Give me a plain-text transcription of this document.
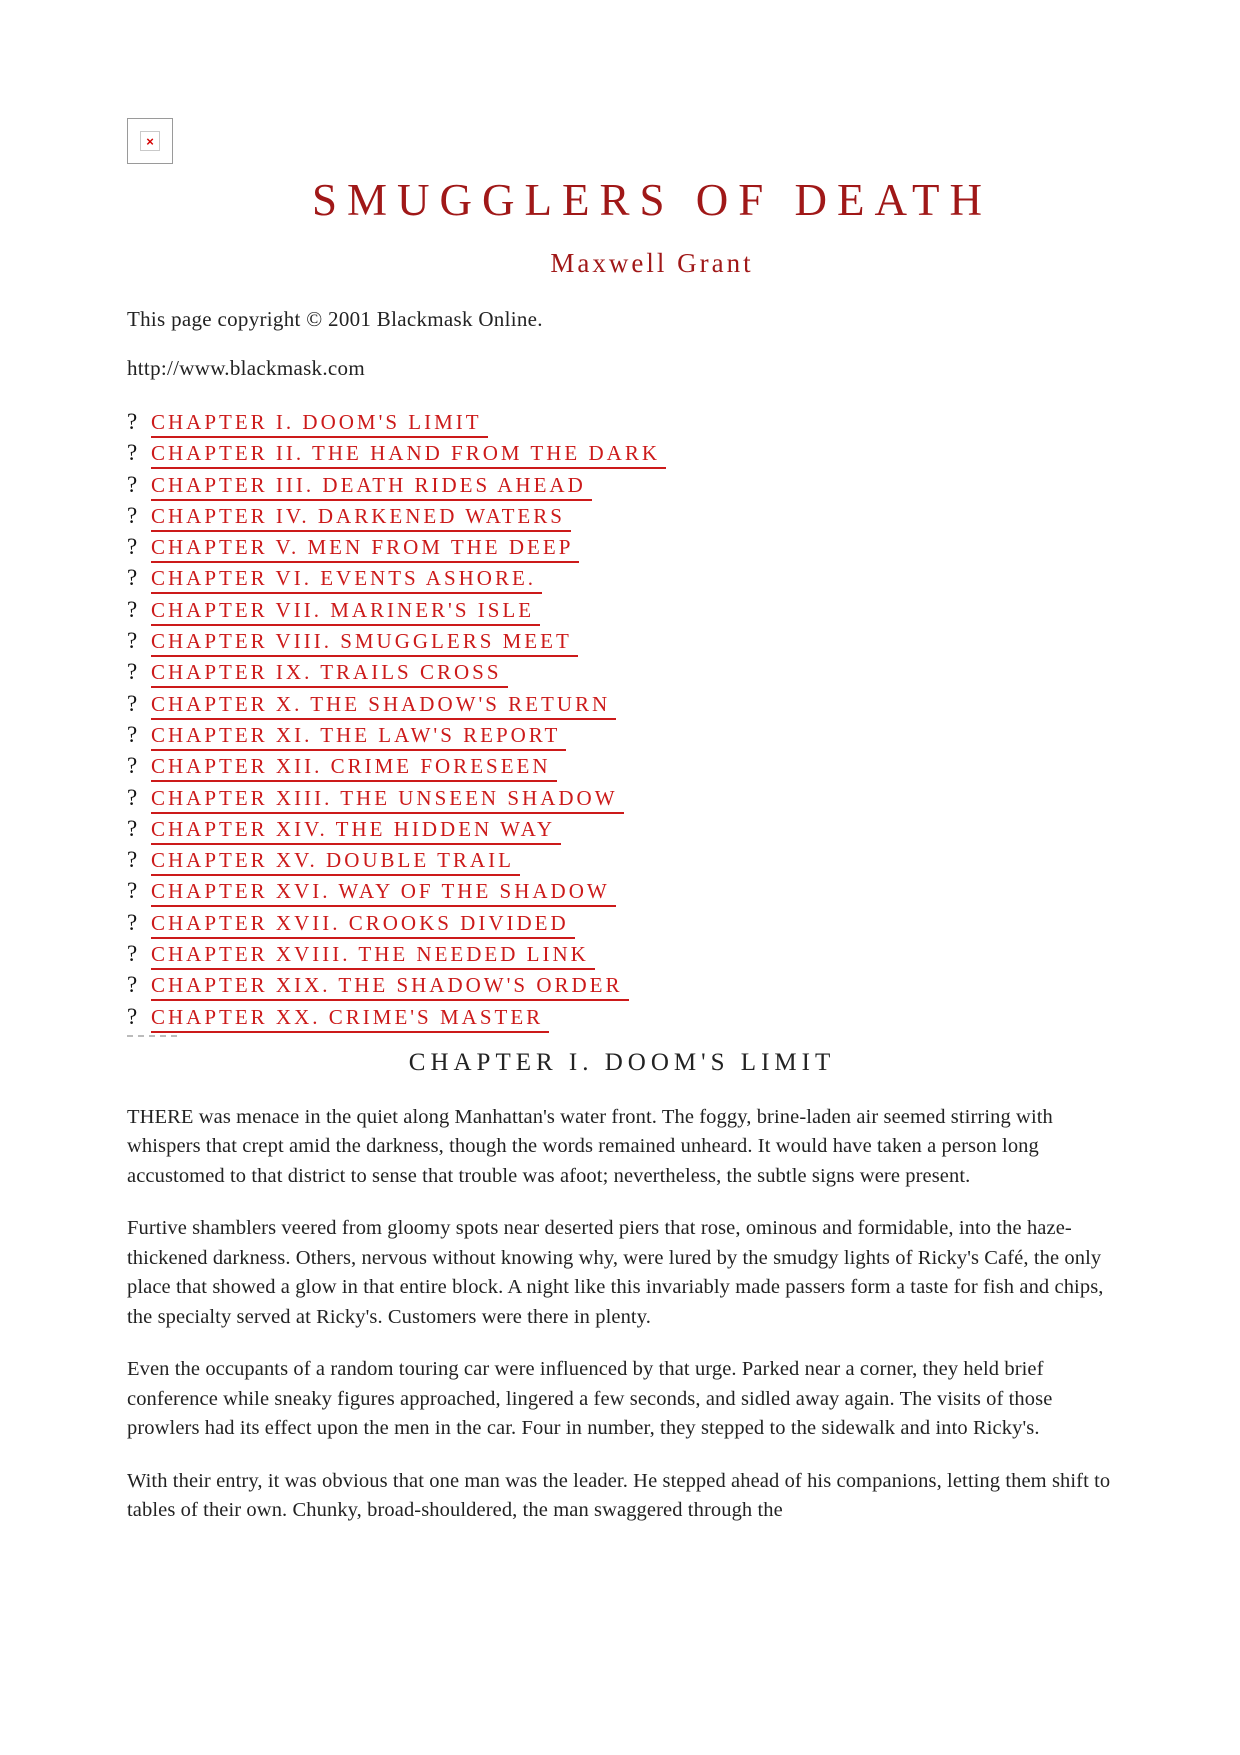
×
SMUGGLERS OF DEATH
Maxwell Grant
This page copyright © 2001 Blackmask Online.
http://www.blackmask.com
? CHAPTER I. DOOM'S LIMIT
? CHAPTER II. THE HAND FROM THE DARK
? CHAPTER III. DEATH RIDES AHEAD
? CHAPTER IV. DARKENED WATERS
? CHAPTER V. MEN FROM THE DEEP
? CHAPTER VI. EVENTS ASHORE.
? CHAPTER VII. MARINER'S ISLE
? CHAPTER VIII. SMUGGLERS MEET
? CHAPTER IX. TRAILS CROSS
? CHAPTER X. THE SHADOW'S RETURN
? CHAPTER XI. THE LAW'S REPORT
? CHAPTER XII. CRIME FORESEEN
? CHAPTER XIII. THE UNSEEN SHADOW
? CHAPTER XIV. THE HIDDEN WAY
? CHAPTER XV. DOUBLE TRAIL
? CHAPTER XVI. WAY OF THE SHADOW
? CHAPTER XVII. CROOKS DIVIDED
? CHAPTER XVIII. THE NEEDED LINK
? CHAPTER XIX. THE SHADOW'S ORDER
? CHAPTER XX. CRIME'S MASTER
CHAPTER I. DOOM'S LIMIT

THERE was menace in the quiet along Manhattan's water front. The foggy, brine-laden air seemed stirring with whispers that crept amid the darkness, though the words remained unheard. It would have taken a person long accustomed to that district to sense that trouble was afoot; nevertheless, the subtle signs were present.

Furtive shamblers veered from gloomy spots near deserted piers that rose, ominous and formidable, into the haze-thickened darkness. Others, nervous without knowing why, were lured by the smudgy lights of Ricky's Café, the only place that showed a glow in that entire block. A night like this invariably made passers form a taste for fish and chips, the specialty served at Ricky's. Customers were there in plenty.

Even the occupants of a random touring car were influenced by that urge. Parked near a corner, they held brief conference while sneaky figures approached, lingered a few seconds, and sidled away again. The visits of those prowlers had its effect upon the men in the car. Four in number, they stepped to the sidewalk and into Ricky's.

With their entry, it was obvious that one man was the leader. He stepped ahead of his companions, letting them shift to tables of their own. Chunky, broad-shouldered, the man swaggered through the
